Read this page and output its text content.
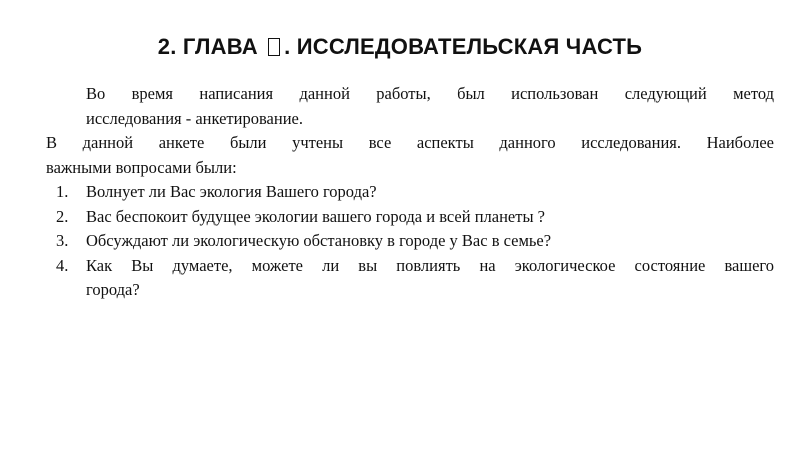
2. ГЛАВА . ИССЛЕДОВАТЕЛЬСКАЯ ЧАСТЬ

Во время написания данной работы, был использован следующий метод
исследования - анкетирование.

В данной анкете были учтены все аспекты данного исследования. Наиболее
важными вопросами были:

1.	Волнует ли Вас экология Вашего города?
2.	Вас беспокоит будущее экологии вашего города и всей планеты ?
3.	Обсуждают ли экологическую обстановку в городе у Вас в семье?
4.	Как Вы думаете, можете ли вы повлиять на экологическое состояние вашего
города?
